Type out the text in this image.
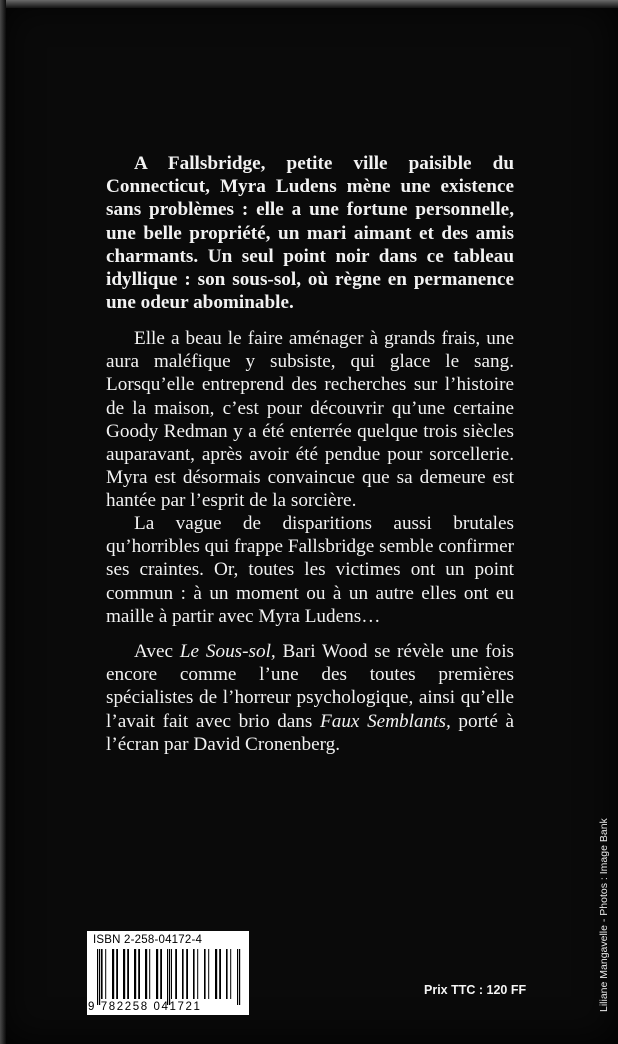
A Fallsbridge, petite ville paisible du Connecticut, Myra Ludens mène une existence sans problèmes : elle a une fortune personnelle, une belle propriété, un mari aimant et des amis charmants. Un seul point noir dans ce tableau idyllique : son sous-sol, où règne en permanence une odeur abominable.

Elle a beau le faire aménager à grands frais, une aura maléfique y subsiste, qui glace le sang. Lorsqu’elle entreprend des recherches sur l’histoire de la maison, c’est pour découvrir qu’une certaine Goody Redman y a été enterrée quelque trois siècles auparavant, après avoir été pendue pour sorcellerie. Myra est désormais convaincue que sa demeure est hantée par l’esprit de la sorcière.

La vague de disparitions aussi brutales qu’horribles qui frappe Fallsbridge semble confirmer ses craintes. Or, toutes les victimes ont un point commun : à un moment ou à un autre elles ont eu maille à partir avec Myra Ludens…

Avec Le Sous-sol, Bari Wood se révèle une fois encore comme l’une des toutes premières spécialistes de l’horreur psychologique, ainsi qu’elle l’avait fait avec brio dans Faux Semblants, porté à l’écran par David Cronenberg.

Liliane Mangavelle - Photos : Image Bank
ISBN 2-258-04172-4
9 782258 041721
Prix TTC : 120 FF
